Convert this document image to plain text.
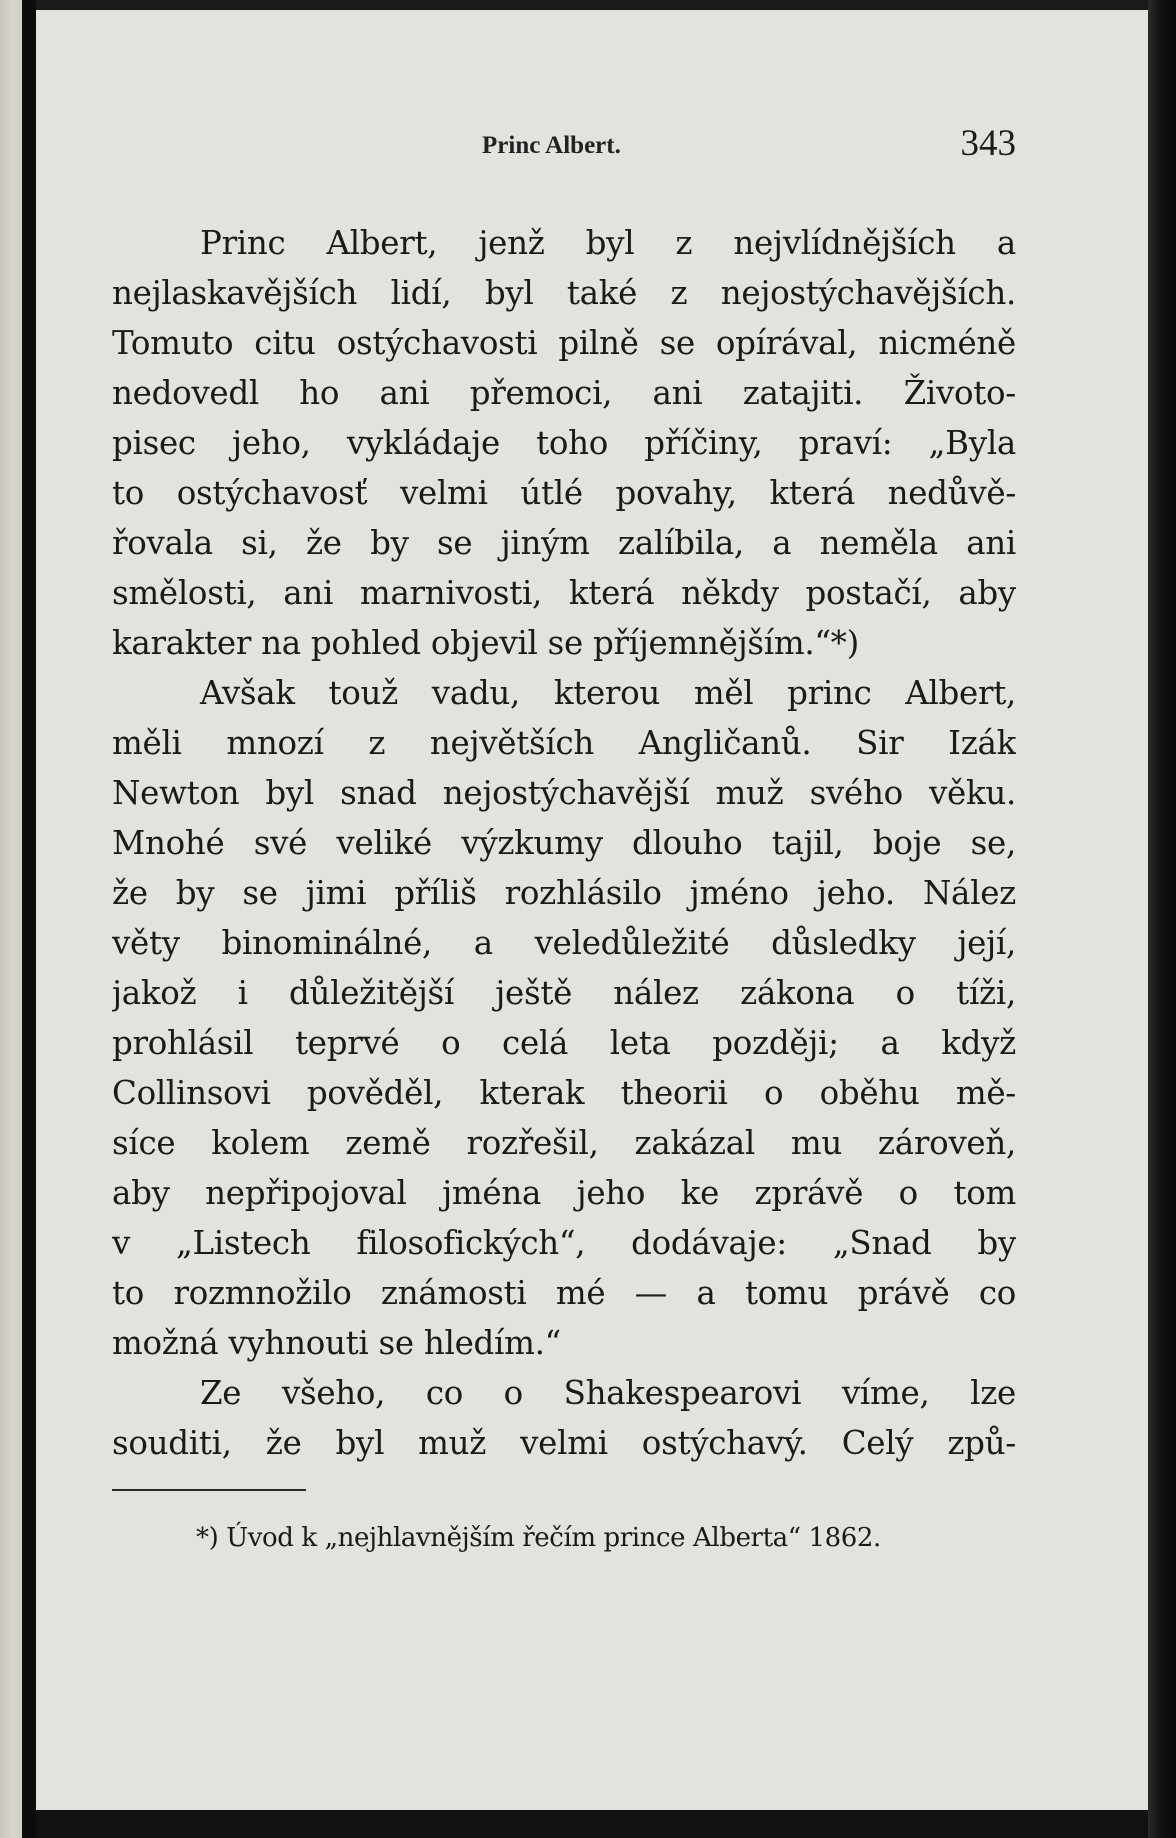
Princ Albert.	343
Princ Albert, jenž byl z nejvlídnějších a
nejlaskavějších lidí, byl také z nejostýchavějších.
Tomuto citu ostýchavosti pilně se opírával, nicméně
nedovedl ho ani přemoci, ani zatajiti. Životo-
pisec jeho, vykládaje toho příčiny, praví: „Byla
to ostýchavosť velmi útlé povahy, která nedůvě-
řovala si, že by se jiným zalíbila, a neměla ani
smělosti, ani marnivosti, která někdy postačí, aby
karakter na pohled objevil se příjemnějším.“*)
Avšak touž vadu, kterou měl princ Albert,
měli mnozí z největších Angličanů. Sir Izák
Newton byl snad nejostýchavější muž svého věku.
Mnohé své veliké výzkumy dlouho tajil, boje se,
že by se jimi příliš rozhlásilo jméno jeho. Nález
věty binominálné, a veledůležité důsledky její,
jakož i důležitější ještě nález zákona o tíži,
prohlásil teprvé o celá leta později; a když
Collinsovi pověděl, kterak theorii o oběhu mě-
síce kolem země rozřešil, zakázal mu zároveň,
aby nepřipojoval jména jeho ke zprávě o tom
v „Listech filosofických“, dodávaje: „Snad by
to rozmnožilo známosti mé — a tomu právě co
možná vyhnouti se hledím.“
Ze všeho, co o Shakespearovi víme, lze
souditi, že byl muž velmi ostýchavý. Celý způ-
*) Úvod k „nejhlavnějším řečím prince Alberta“ 1862.
